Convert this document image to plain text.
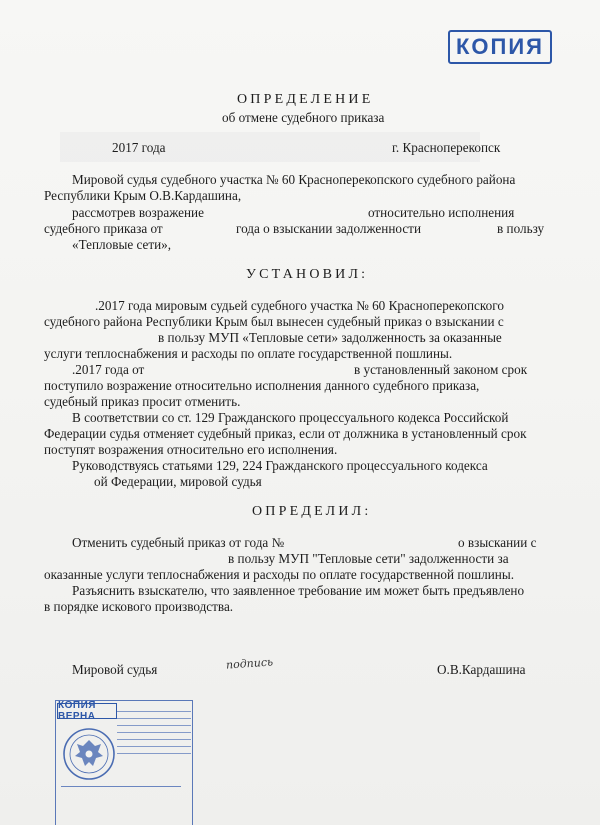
КОПИЯ
ОПРЕДЕЛЕНИЕ
об отмене судебного приказа
2017 года	г. Красноперекопск
Мировой судья судебного участка № 60 Красноперекопского судебного района
Республики Крым О.В.Кардашина,
рассмотрев возражение	относительно исполнения
судебного приказа от	года о взыскании задолженности	в пользу
«Тепловые сети»,
УСТАНОВИЛ:
.2017 года мировым судьей судебного участка № 60 Красноперекопского
судебного района Республики Крым был вынесен судебный приказ о взыскании с
в пользу МУП «Тепловые сети» задолженность за оказанные
услуги теплоснабжения и расходы по оплате государственной пошлины.
.2017 года от	в установленный законом срок
поступило возражение относительно исполнения данного судебного приказа,
судебный приказ просит отменить.
В соответствии со ст. 129 Гражданского процессуального кодекса Российской
Федерации судья отменяет судебный приказ, если от должника в установленный срок
поступят возражения относительно его исполнения.
Руководствуясь статьями 129, 224 Гражданского процессуального кодекса
ой Федерации, мировой судья
ОПРЕДЕЛИЛ:
Отменить судебный приказ от года №	о взыскании с
в пользу МУП "Тепловые сети" задолженности за
оказанные услуги теплоснабжения и расходы по оплате государственной пошлины.
Разъяснить взыскателю, что заявленное требование им может быть предъявлено
в порядке искового производства.
Мировой судья	подпись	О.В.Кардашина
КОПИЯ ВЕРНА
